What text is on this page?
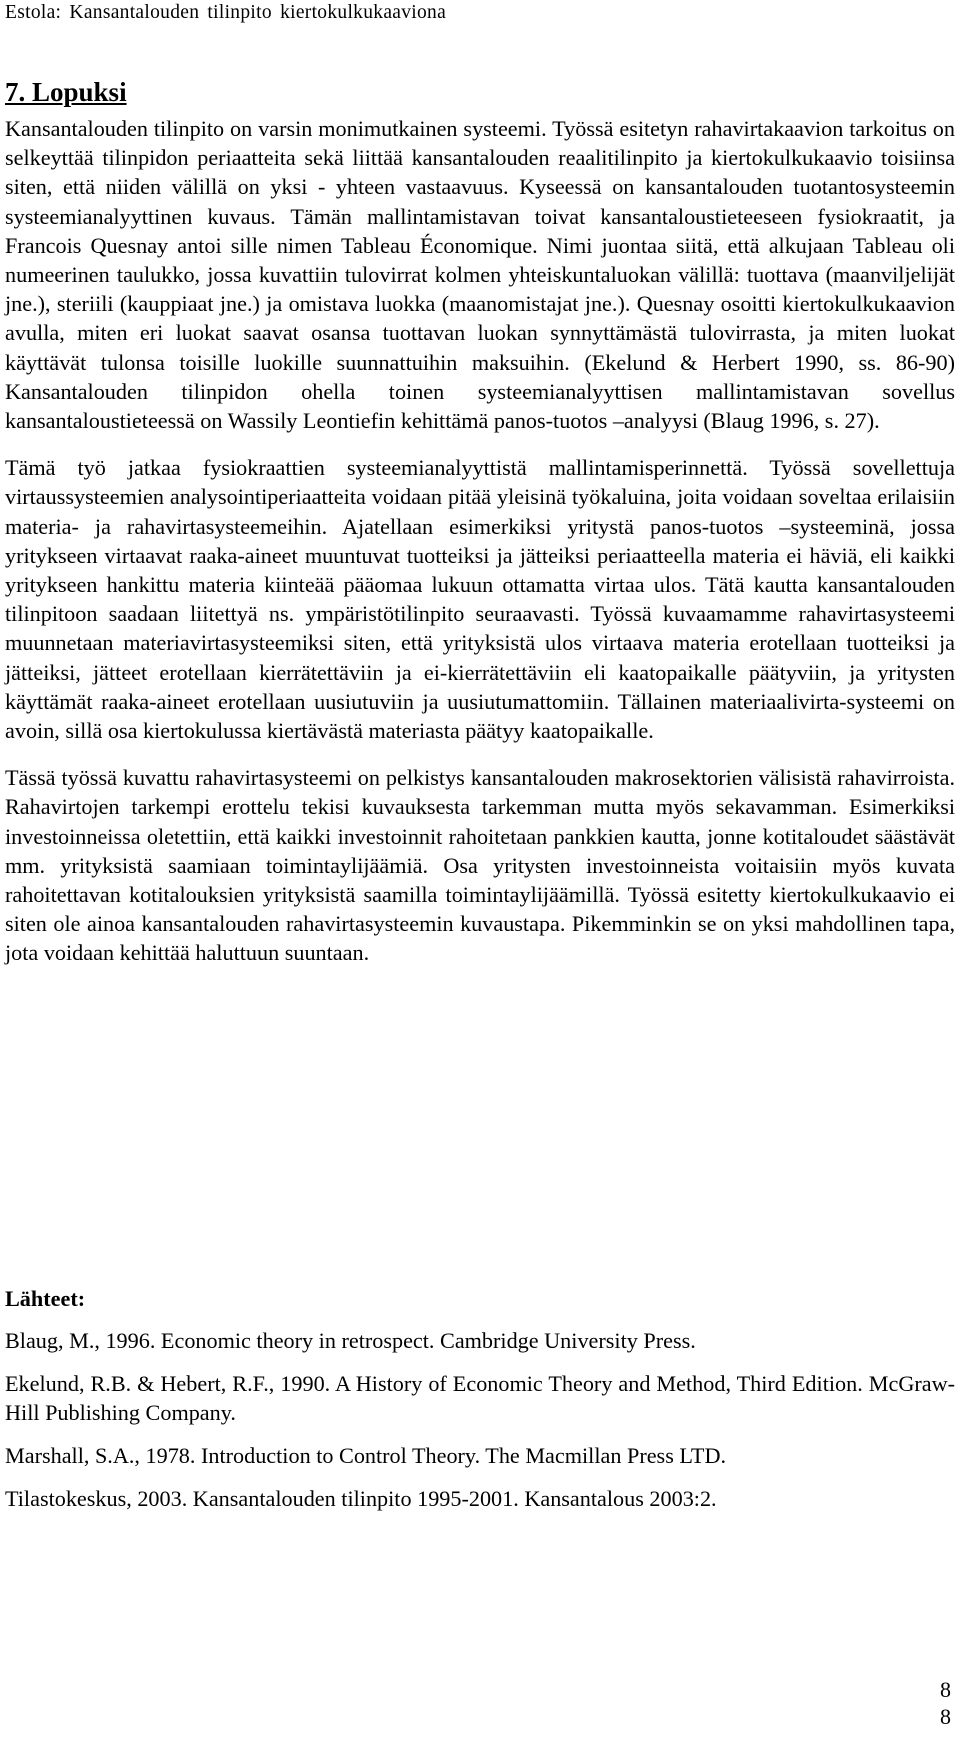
Estola: Kansantalouden tilinpito kiertokulkukaaviona
7. Lopuksi

Kansantalouden tilinpito on varsin monimutkainen systeemi. Työssä esitetyn rahavirtakaavion tarkoitus on selkeyttää tilinpidon periaatteita sekä liittää kansantalouden reaalitilinpito ja kiertokulkukaavio toisiinsa siten, että niiden välillä on yksi - yhteen vastaavuus. Kyseessä on kansantalouden tuotantosysteemin systeemianalyyttinen kuvaus. Tämän mallintamistavan toivat kansantaloustieteeseen fysiokraatit, ja Francois Quesnay antoi sille nimen Tableau Économique. Nimi juontaa siitä, että alkujaan Tableau oli numeerinen taulukko, jossa kuvattiin tulovirrat kolmen yhteiskuntaluokan välillä: tuottava (maanviljelijät jne.), steriili (kauppiaat jne.) ja omistava luokka (maanomistajat jne.). Quesnay osoitti kiertokulkukaavion avulla, miten eri luokat saavat osansa tuottavan luokan synnyttämästä tulovirrasta, ja miten luokat käyttävät tulonsa toisille luokille suunnattuihin maksuihin. (Ekelund & Herbert 1990, ss. 86-90) Kansantalouden tilinpidon ohella toinen systeemianalyyttisen mallintamistavan sovellus kansantaloustieteessä on Wassily Leontiefin kehittämä panos-tuotos –analyysi (Blaug 1996, s. 27).

Tämä työ jatkaa fysiokraattien systeemianalyyttistä mallintamisperinnettä. Työssä sovellettuja virtaussysteemien analysointiperiaatteita voidaan pitää yleisinä työkaluina, joita voidaan soveltaa erilaisiin materia- ja rahavirtasysteemeihin. Ajatellaan esimerkiksi yritystä panos-tuotos –systeeminä, jossa yritykseen virtaavat raaka-aineet muuntuvat tuotteiksi ja jätteiksi periaatteella materia ei häviä, eli kaikki yritykseen hankittu materia kiinteää pääomaa lukuun ottamatta virtaa ulos. Tätä kautta kansantalouden tilinpitoon saadaan liitettyä ns. ympäristötilinpito seuraavasti. Työssä kuvaamamme rahavirtasysteemi muunnetaan materiavirtasysteemiksi siten, että yrityksistä ulos virtaava materia erotellaan tuotteiksi ja jätteiksi, jätteet erotellaan kierrätettäviin ja ei-kierrätettäviin eli kaatopaikalle päätyviin, ja yritysten käyttämät raaka-aineet erotellaan uusiutuviin ja uusiutumattomiin. Tällainen materiaalivirta-systeemi on avoin, sillä osa kiertokulussa kiertävästä materiasta päätyy kaatopaikalle.

Tässä työssä kuvattu rahavirtasysteemi on pelkistys kansantalouden makrosektorien välisistä rahavirroista. Rahavirtojen tarkempi erottelu tekisi kuvauksesta tarkemman mutta myös sekavamman. Esimerkiksi investoinneissa oletettiin, että kaikki investoinnit rahoitetaan pankkien kautta, jonne kotitaloudet säästävät mm. yrityksistä saamiaan toimintaylijäämiä. Osa yritysten investoinneista voitaisiin myös kuvata rahoitettavan kotitalouksien yrityksistä saamilla toimintaylijäämillä. Työssä esitetty kiertokulkukaavio ei siten ole ainoa kansantalouden rahavirtasysteemin kuvaustapa. Pikemminkin se on yksi mahdollinen tapa, jota voidaan kehittää haluttuun suuntaan.

Lähteet:

Blaug, M., 1996. Economic theory in retrospect. Cambridge University Press.

Ekelund, R.B. & Hebert, R.F., 1990. A History of Economic Theory and Method, Third Edition. McGraw-Hill Publishing Company.

Marshall, S.A., 1978. Introduction to Control Theory. The Macmillan Press LTD.

Tilastokeskus, 2003. Kansantalouden tilinpito 1995-2001. Kansantalous 2003:2.

8
8
